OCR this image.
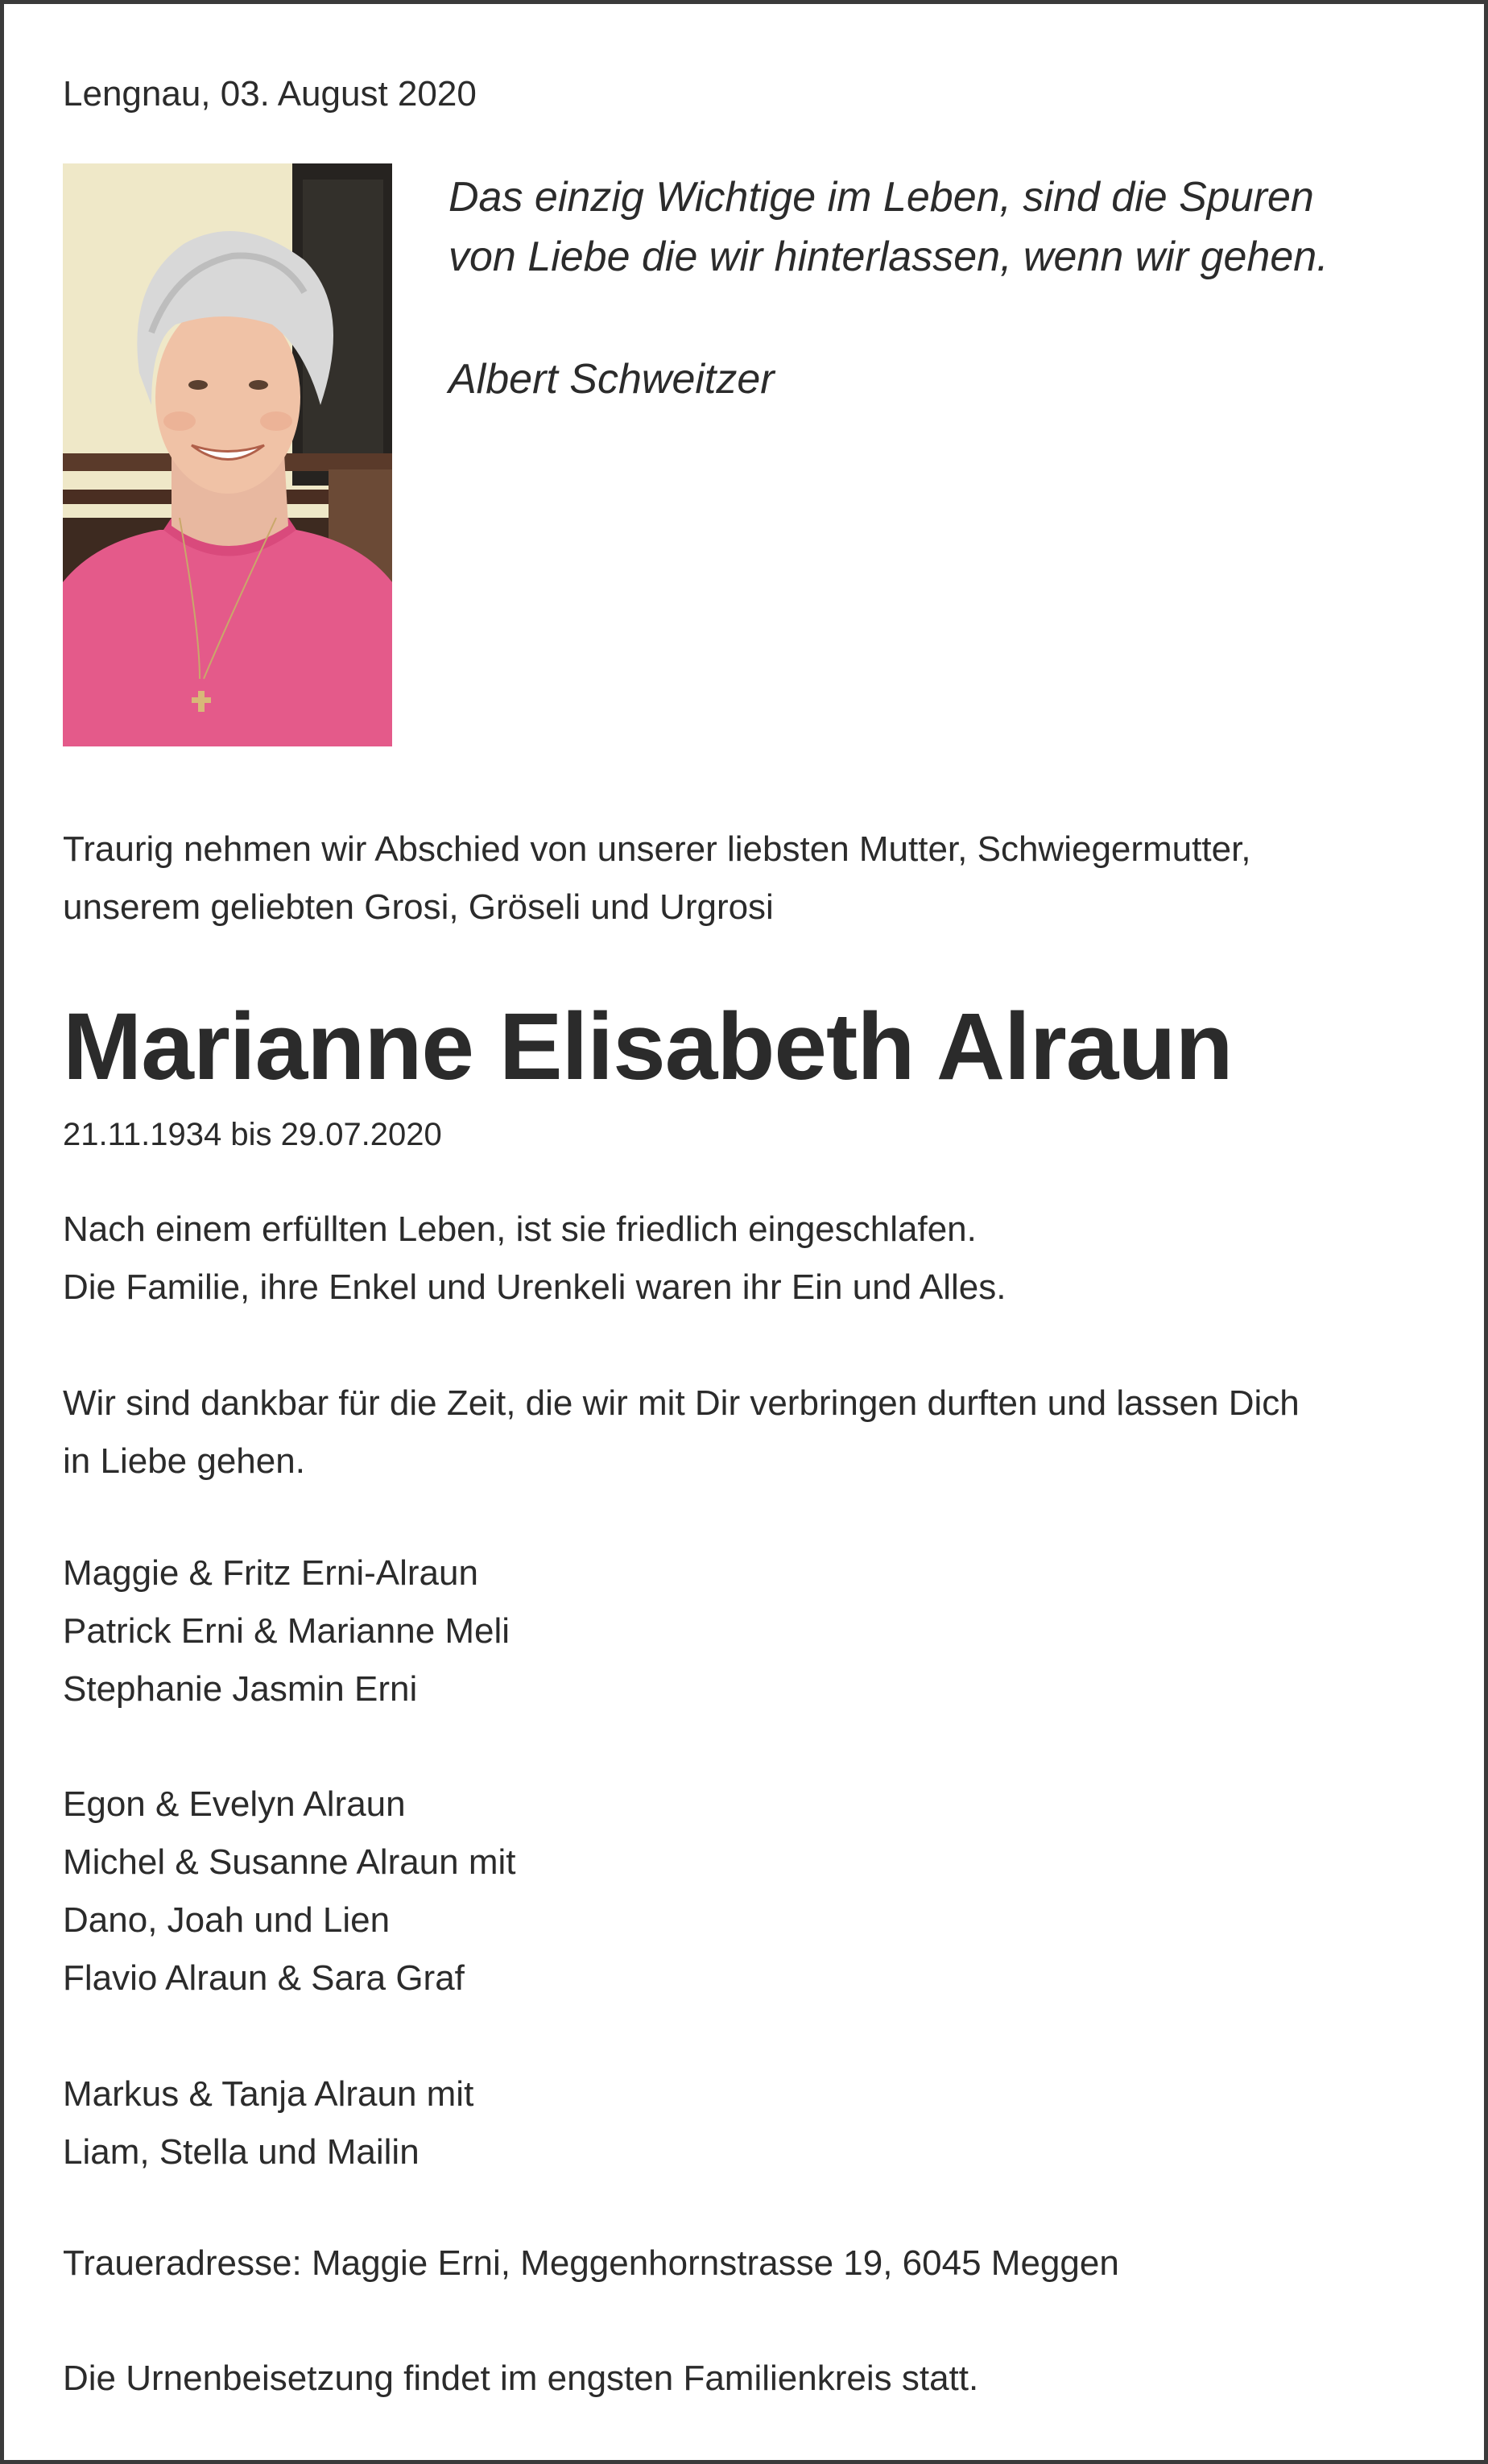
Lengnau, 03. August 2020
Das einzig Wichtige im Leben, sind die Spuren
von Liebe die wir hinterlassen, wenn wir gehen.
Albert Schweitzer
Traurig nehmen wir Abschied von unserer liebsten Mutter, Schwiegermutter,
unserem geliebten Grosi, Gröseli und Urgrosi
Marianne Elisabeth Alraun
21.11.1934 bis 29.07.2020
Nach einem erfüllten Leben, ist sie friedlich eingeschlafen.
Die Familie, ihre Enkel und Urenkeli waren ihr Ein und Alles.
Wir sind dankbar für die Zeit, die wir mit Dir verbringen durften und lassen Dich
in Liebe gehen.
Maggie & Fritz Erni-Alraun
Patrick Erni & Marianne Meli
Stephanie Jasmin Erni
Egon & Evelyn Alraun
Michel & Susanne Alraun mit
Dano, Joah und Lien
Flavio Alraun & Sara Graf
Markus & Tanja Alraun mit
Liam, Stella und Mailin
Traueradresse: Maggie Erni, Meggenhornstrasse 19, 6045 Meggen
Die Urnenbeisetzung findet im engsten Familienkreis statt.
